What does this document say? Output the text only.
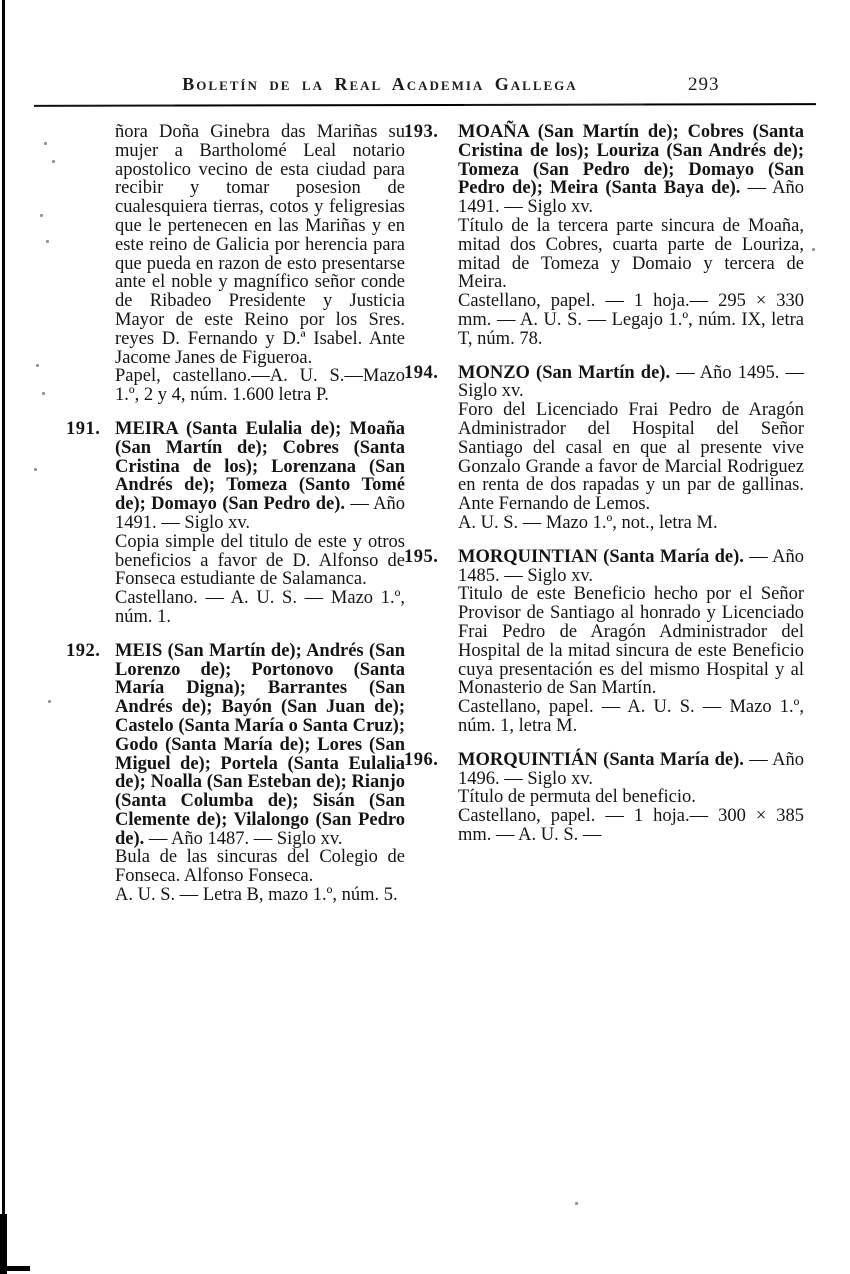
Boletín de la Real Academia Gallega	293

ñora Doña Ginebra das Mariñas su mujer a Bartholomé Leal notario apostolico vecino de esta ciudad para recibir y tomar posesion de cualesquiera tierras, cotos y feligresias que le pertenecen en las Mariñas y en este reino de Galicia por herencia para que pueda en razon de esto presentarse ante el noble y magnífico señor conde de Ribadeo Presidente y Justicia Mayor de este Reino por los Sres. reyes D. Fernando y D.ª Isabel. Ante Jacome Janes de Figueroa.

Papel, castellano.—A. U. S.—Mazo 1.º, 2 y 4, núm. 1.600 letra P.

191. MEIRA (Santa Eulalia de); Moaña (San Martín de); Cobres (Santa Cristina de los); Lorenzana (San Andrés de); Tomeza (Santo Tomé de); Domayo (San Pedro de). — Año 1491. — Siglo xv.

Copia simple del titulo de este y otros beneficios a favor de D. Alfonso de Fonseca estudiante de Salamanca.

Castellano. — A. U. S. — Mazo 1.º, núm. 1.

192. MEIS (San Martín de); Andrés (San Lorenzo de); Portonovo (Santa María Digna); Barrantes (San Andrés de); Bayón (San Juan de); Castelo (Santa María o Santa Cruz); Godo (Santa María de); Lores (San Miguel de); Portela (Santa Eulalia de); Noalla (San Esteban de); Rianjo (Santa Columba de); Sisán (San Clemente de); Vilalongo (San Pedro de). — Año 1487. — Siglo xv.

Bula de las sincuras del Colegio de Fonseca. Alfonso Fonseca.

A. U. S. — Letra B, mazo 1.º, núm. 5.

193.	MOAÑA (San Martín de); Cobres (Santa Cristina de los); Louriza (San Andrés de); Tomeza (San Pedro de); Domayo (San Pedro de); Meira (Santa Baya de). — Año 1491. — Siglo xv.

Título de la tercera parte sincura de Moaña, mitad dos Cobres, cuarta parte de Louriza, mitad de Tomeza y Domaio y tercera de Meira.

Castellano, papel. — 1 hoja.— 295 × 330 mm. — A. U. S. — Legajo 1.º, núm. IX, letra T, núm. 78.

194.	MONZO (San Martín de). — Año 1495. — Siglo xv.

Foro del Licenciado Frai Pedro de Aragón Administrador del Hospital del Señor Santiago del casal en que al presente vive Gonzalo Grande a favor de Marcial Rodriguez en renta de dos rapadas y un par de gallinas. Ante Fernando de Lemos.

A. U. S. — Mazo 1.º, not., letra M.

195.	MORQUINTIAN (Santa María de). — Año 1485. — Siglo xv.

Titulo de este Beneficio hecho por el Señor Provisor de Santiago al honrado y Licenciado Frai Pedro de Aragón Administrador del Hospital de la mitad sincura de este Beneficio cuya presentación es del mismo Hospital y al Monasterio de San Martín.

Castellano, papel. — A. U. S. — Mazo 1.º, núm. 1, letra M.

196.	MORQUINTIÁN (Santa María de). — Año 1496. — Siglo xv.

Título de permuta del beneficio.

Castellano, papel. — 1 hoja.— 300 × 385 mm. — A. U. S. —
